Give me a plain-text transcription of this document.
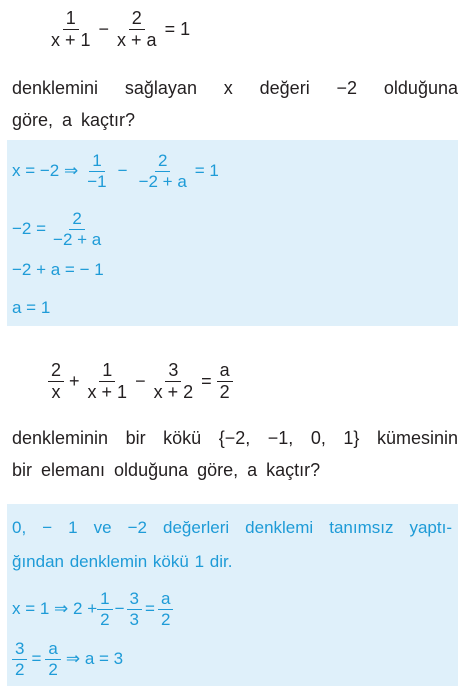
$\frac{1}{x + 1} - \frac{2}{x + a} = 1$
denklemini sağlayan x değeri −2 olduğuna
göre, a kaçtır?
x = −2 ⇒ $\frac{1}{-1} - \frac{2}{-2 + a} = 1$
$-2 = \frac{2}{-2 + a}$
−2 + a = − 1
a = 1
$\frac{2}{x} + \frac{1}{x + 1} - \frac{3}{x + 2} = \frac{a}{2}$
denkleminin bir kökü {−2, −1, 0, 1} kümesinin
bir elemanı olduğuna göre, a kaçtır?
0, − 1 ve −2 değerleri denklemi tanımsız yaptı-
ğından denklemin kökü 1 dir.
x = 1 ⇒ $2 + \frac{1}{2} - \frac{3}{3} = \frac{a}{2}$
$\frac{3}{2} = \frac{a}{2}$ ⇒ a = 3
